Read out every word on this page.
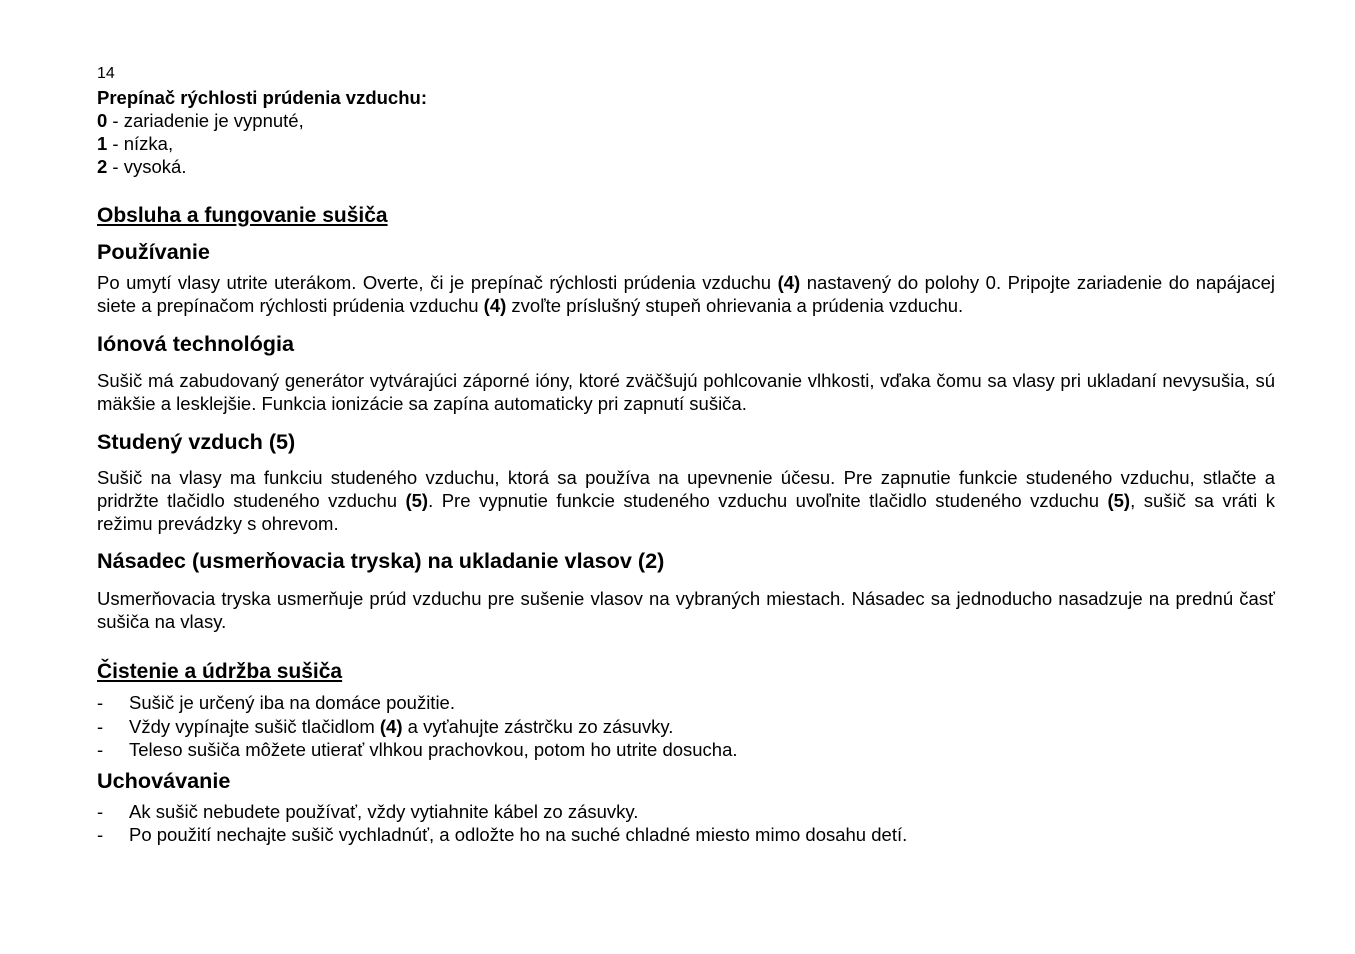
14

Prepínač rýchlosti prúdenia vzduchu:

0 - zariadenie je vypnuté,

1 - nízka,

2 - vysoká.

Obsluha a fungovanie sušiča
Používanie

Po umytí vlasy utrite uterákom. Overte, či je prepínač rýchlosti prúdenia vzduchu (4) nastavený do polohy 0. Pripojte zariadenie do napájacej siete a prepínačom rýchlosti prúdenia vzduchu (4) zvoľte príslušný stupeň ohrievania a prúdenia vzduchu.

Iónová technológia

Sušič má zabudovaný generátor vytvárajúci záporné ióny, ktoré zväčšujú pohlcovanie vlhkosti, vďaka čomu sa vlasy pri ukladaní nevysušia, sú mäkšie a lesklejšie. Funkcia ionizácie sa zapína automaticky pri zapnutí sušiča.

Studený vzduch (5)

Sušič na vlasy ma funkciu studeného vzduchu, ktorá sa používa na upevnenie účesu. Pre zapnutie funkcie studeného vzduchu, stlačte a pridržte tlačidlo studeného vzduchu (5). Pre vypnutie funkcie studeného vzduchu uvoľnite tlačidlo studeného vzduchu (5), sušič sa vráti k režimu prevádzky s ohrevom.

Násadec (usmerňovacia tryska) na ukladanie vlasov (2)

Usmerňovacia tryska usmerňuje prúd vzduchu pre sušenie vlasov na vybraných miestach. Násadec sa jednoducho nasadzuje na prednú časť sušiča na vlasy.

Čistenie a údržba sušiča
- Sušič je určený iba na domáce použitie.
- Vždy vypínajte sušič tlačidlom (4) a vyťahujte zástrčku zo zásuvky.
- Teleso sušiča môžete utierať vlhkou prachovkou, potom ho utrite dosucha.
Uchovávanie
- Ak sušič nebudete používať, vždy vytiahnite kábel zo zásuvky.
- Po použití nechajte sušič vychladnúť, a odložte ho na suché chladné miesto mimo dosahu detí.
